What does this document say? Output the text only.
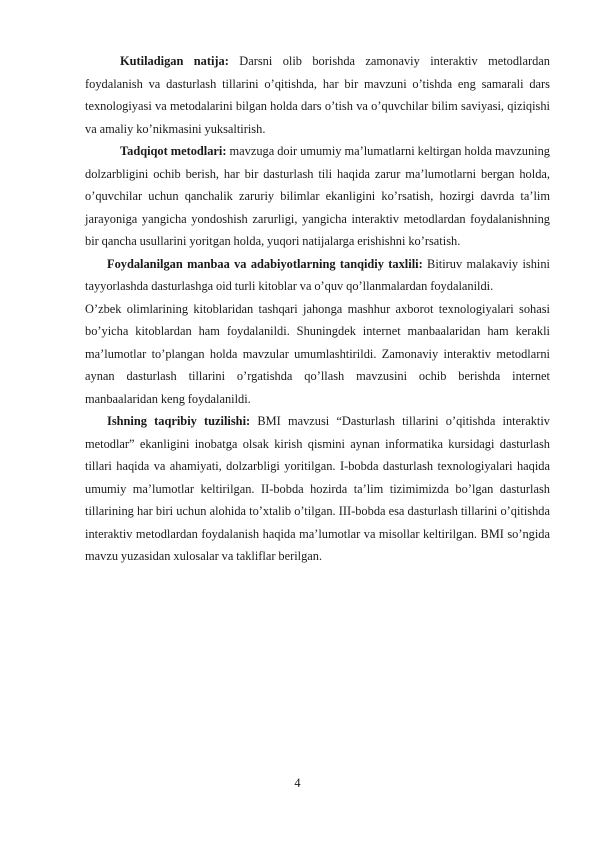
Kutiladigan natija: Darsni olib borishda zamonaviy interaktiv metodlardan foydalanish va dasturlash tillarini o’qitishda, har bir mavzuni o’tishda eng samarali dars texnologiyasi va metodalarini bilgan holda dars o’tish va o’quvchilar bilim saviyasi, qiziqishi va amaliy ko’nikmasini yuksaltirish.

Tadqiqot metodlari: mavzuga doir umumiy ma’lumatlarni keltirgan holda mavzuning dolzarbligini ochib berish, har bir dasturlash tili haqida zarur ma’lumotlarni bergan holda, o’quvchilar uchun qanchalik zaruriy bilimlar ekanligini ko’rsatish, hozirgi davrda ta’lim jarayoniga yangicha yondoshish zarurligi, yangicha interaktiv metodlardan foydalanishning bir qancha usullarini yoritgan holda, yuqori natijalarga erishishni ko’rsatish.

Foydalanilgan manbaa va adabiyotlarning tanqidiy taxlili: Bitiruv malakaviy ishini tayyorlashda dasturlashga oid turli kitoblar va o’quv qo’llanmalardan foydalanildi.

O’zbek olimlarining kitoblaridan tashqari jahonga mashhur axborot texnologiyalari sohasi bo’yicha kitoblardan ham foydalanildi. Shuningdek internet manbaalaridan ham kerakli ma’lumotlar to’plangan holda mavzular umumlashtirildi. Zamonaviy interaktiv metodlarni aynan dasturlash tillarini o’rgatishda qo’llash mavzusini ochib berishda internet manbaalaridan keng foydalanildi.

Ishning taqribiy tuzilishi: BMI mavzusi “Dasturlash tillarini o’qitishda interaktiv metodlar” ekanligini inobatga olsak kirish qismini aynan informatika kursidagi dasturlash tillari haqida va ahamiyati, dolzarbligi yoritilgan. I-bobda dasturlash texnologiyalari haqida umumiy ma’lumotlar keltirilgan. II-bobda hozirda ta’lim tizimimizda bo’lgan dasturlash tillarining har biri uchun alohida to’xtalib o’tilgan. III-bobda esa dasturlash tillarini o’qitishda interaktiv metodlardan foydalanish haqida ma’lumotlar va misollar keltirilgan. BMI so’ngida mavzu yuzasidan xulosalar va takliflar berilgan.

4
